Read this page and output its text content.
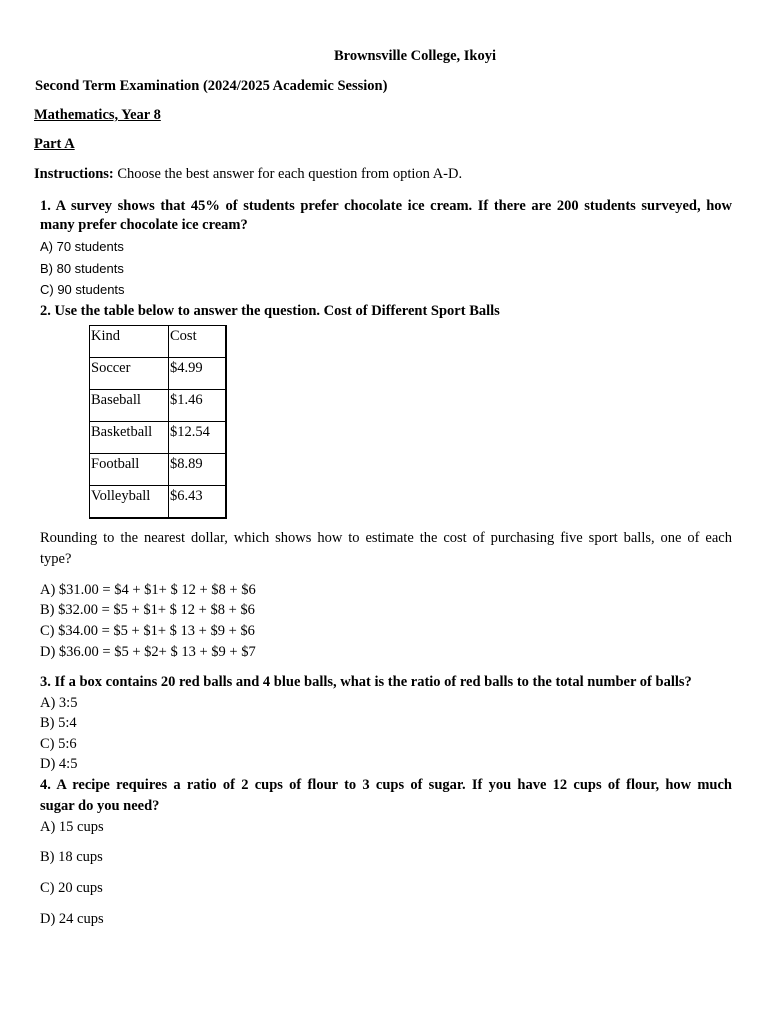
Brownsville College, Ikoyi
Second Term Examination (2024/2025 Academic Session)
Mathematics, Year 8
Part A
Instructions: Choose the best answer for each question from option A-D.
1. A survey shows that 45% of students prefer chocolate ice cream. If there are 200 students surveyed, how
many prefer chocolate ice cream?
A) 70 students
B) 80 students
C) 90 students
2. Use the table below to answer the question. Cost of Different Sport Balls
Kind	Cost
Soccer	$4.99
Baseball	$1.46
Basketball	$12.54
Football	$8.89
Volleyball	$6.43
Rounding to the nearest dollar, which shows how to estimate the cost of purchasing five sport balls, one of each
type?
A) $31.00 = $4 + $1+ $ 12 + $8 + $6
B) $32.00 = $5 + $1+ $ 12 + $8 + $6
C) $34.00 = $5 + $1+ $ 13 + $9 + $6
D) $36.00 = $5 + $2+ $ 13 + $9 + $7
3. If a box contains 20 red balls and 4 blue balls, what is the ratio of red balls to the total number of balls?
A) 3:5
B) 5:4
C) 5:6
D) 4:5
4. A recipe requires a ratio of 2 cups of flour to 3 cups of sugar. If you have 12 cups of flour, how much
sugar do you need?
A) 15 cups
B) 18 cups
C) 20 cups
D) 24 cups
